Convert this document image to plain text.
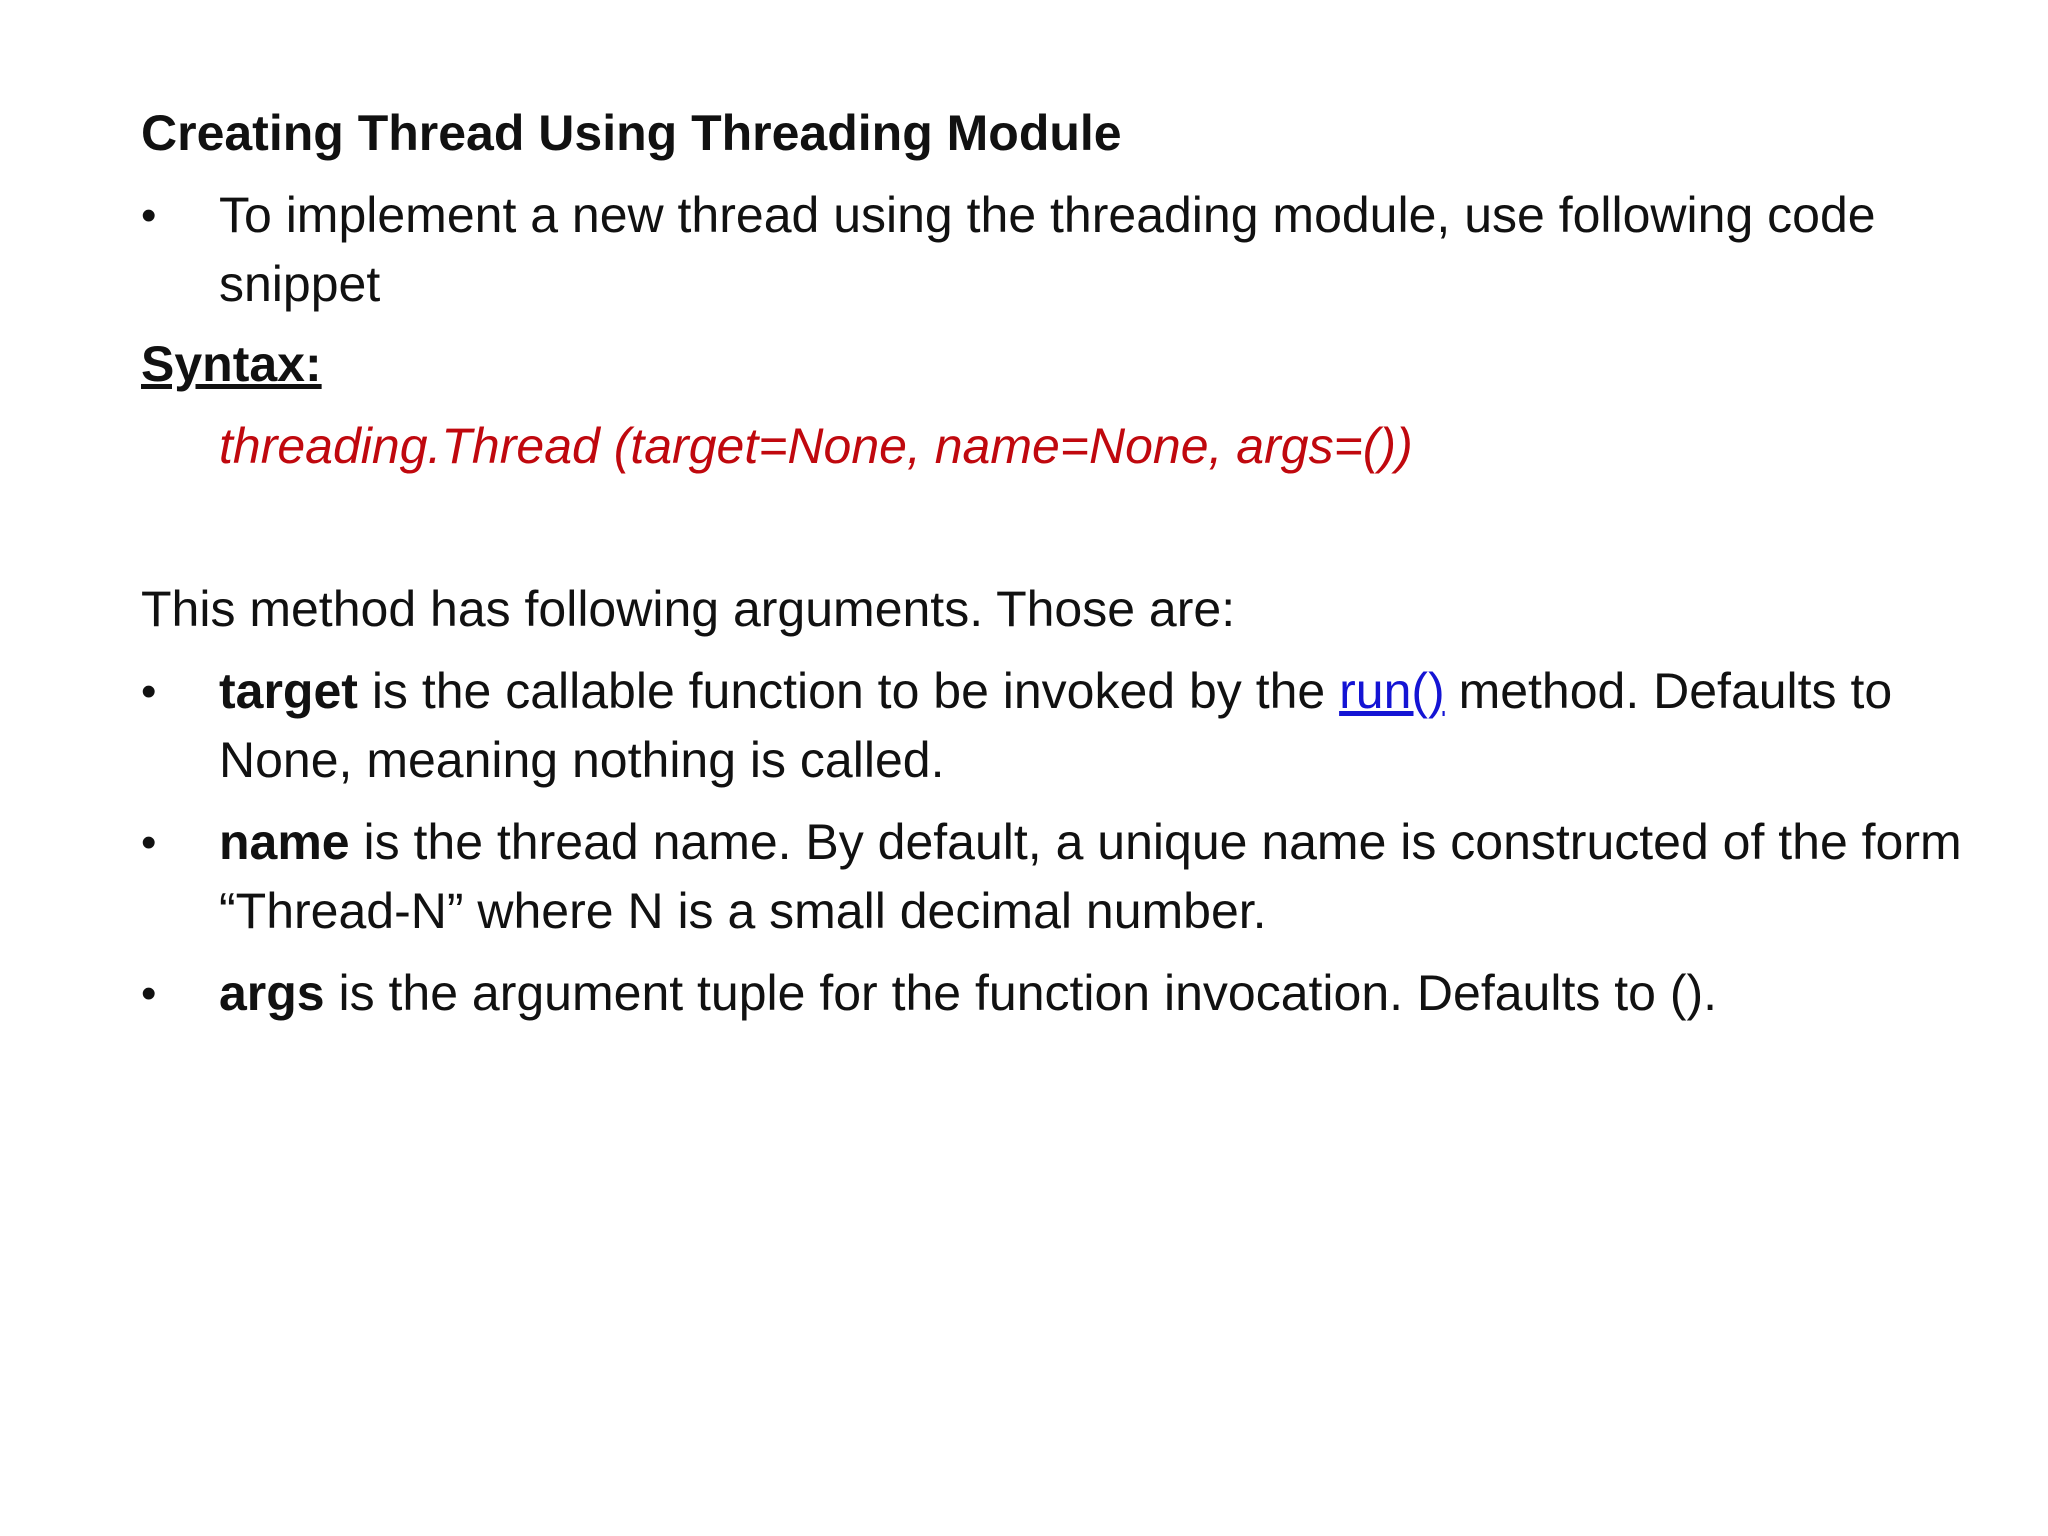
Creating Thread Using Threading Module
•	To implement a new thread using the threading module, use following code snippet
Syntax:
threading.Thread (target=None, name=None, args=())
This method has following arguments. Those are:
•	target is the callable function to be invoked by the run() method. Defaults to None, meaning nothing is called.
•	name is the thread name. By default, a unique name is constructed of the form “Thread-N” where N is a small decimal number.
•	args is the argument tuple for the function invocation. Defaults to ().
